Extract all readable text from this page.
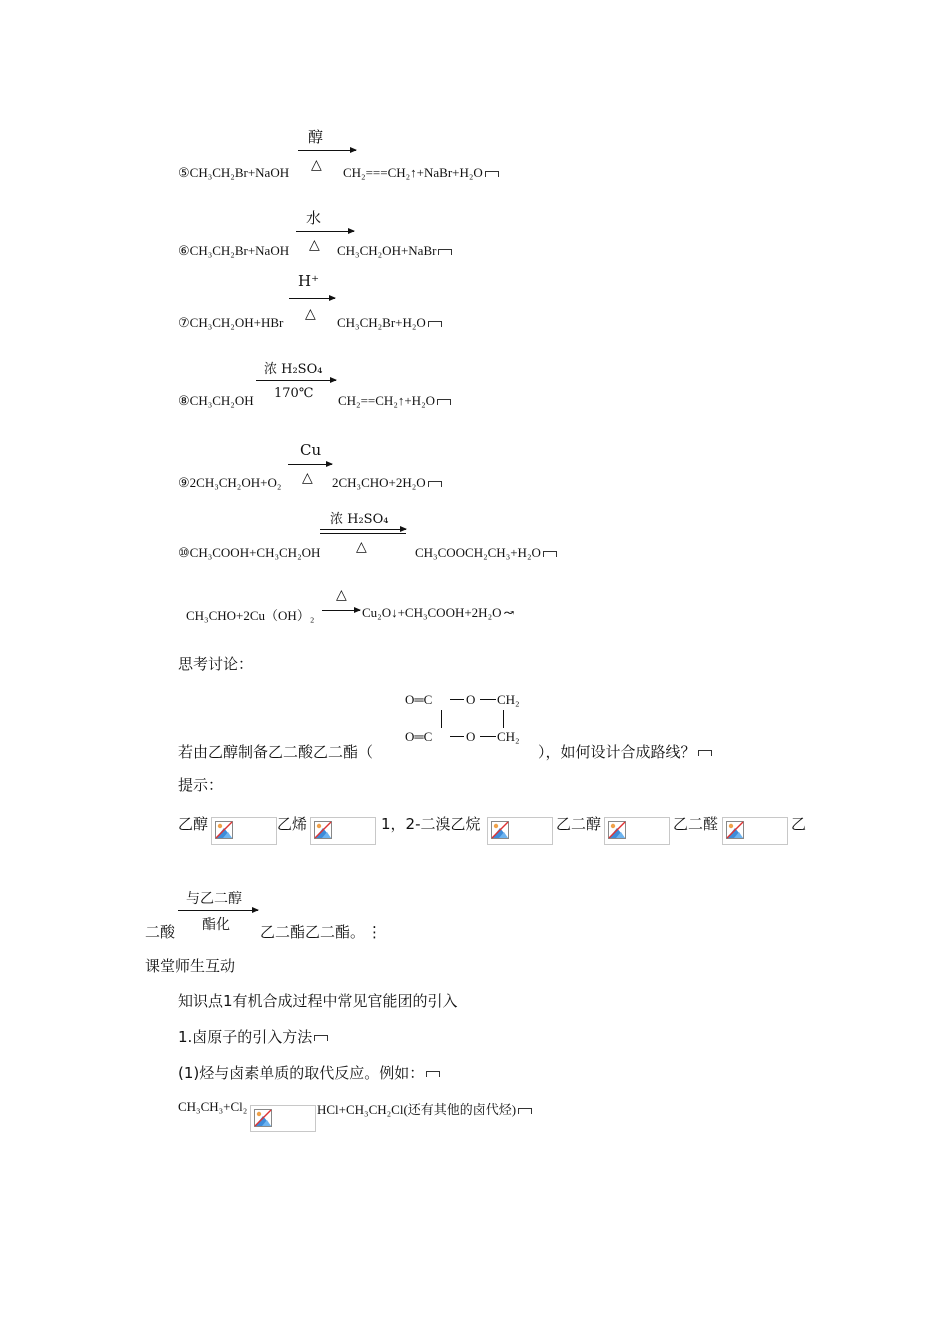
醇
△
⑤CH₃CH₂Br+NaOH	CH₂===CH₂↑+NaBr+H₂O
水
△
⑥CH₃CH₂Br+NaOH	CH₃CH₂OH+NaBr
H⁺
△
⑦CH₃CH₂OH+HBr	CH₃CH₂Br+H₂O
浓 H₂SO₄
170℃
⑧CH₃CH₂OH	CH₂==CH₂↑+H₂O
Cu
△
⑨2CH₃CH₂OH+O₂	2CH₃CHO+2H₂O
浓 H₂SO₄
△
⑩CH₃COOH+CH₃CH₂OH	CH₃COOCH₂CH₃+H₂O
△
CH₃CHO+2Cu（OH）₂	Cu₂O↓+CH₃COOH+2H₂O ↝
思考讨论：
O═C	O CH₂
O═C	O CH₂
若由乙醇制备乙二酸乙二酯（	），如何设计合成路线？
提示：
乙醇	乙烯	1，2-二溴乙烷	乙二醇	乙二醛	乙
与乙二醇
酯化
二酸	乙二酯乙二酯。 ⋮
课堂师生互动
知识点1有机合成过程中常见官能团的引入
1.卤原子的引入方法
(1)烃与卤素单质的取代反应。例如：
CH₃CH₃+Cl₂	HCl+CH₃CH₂Cl(还有其他的卤代烃)
